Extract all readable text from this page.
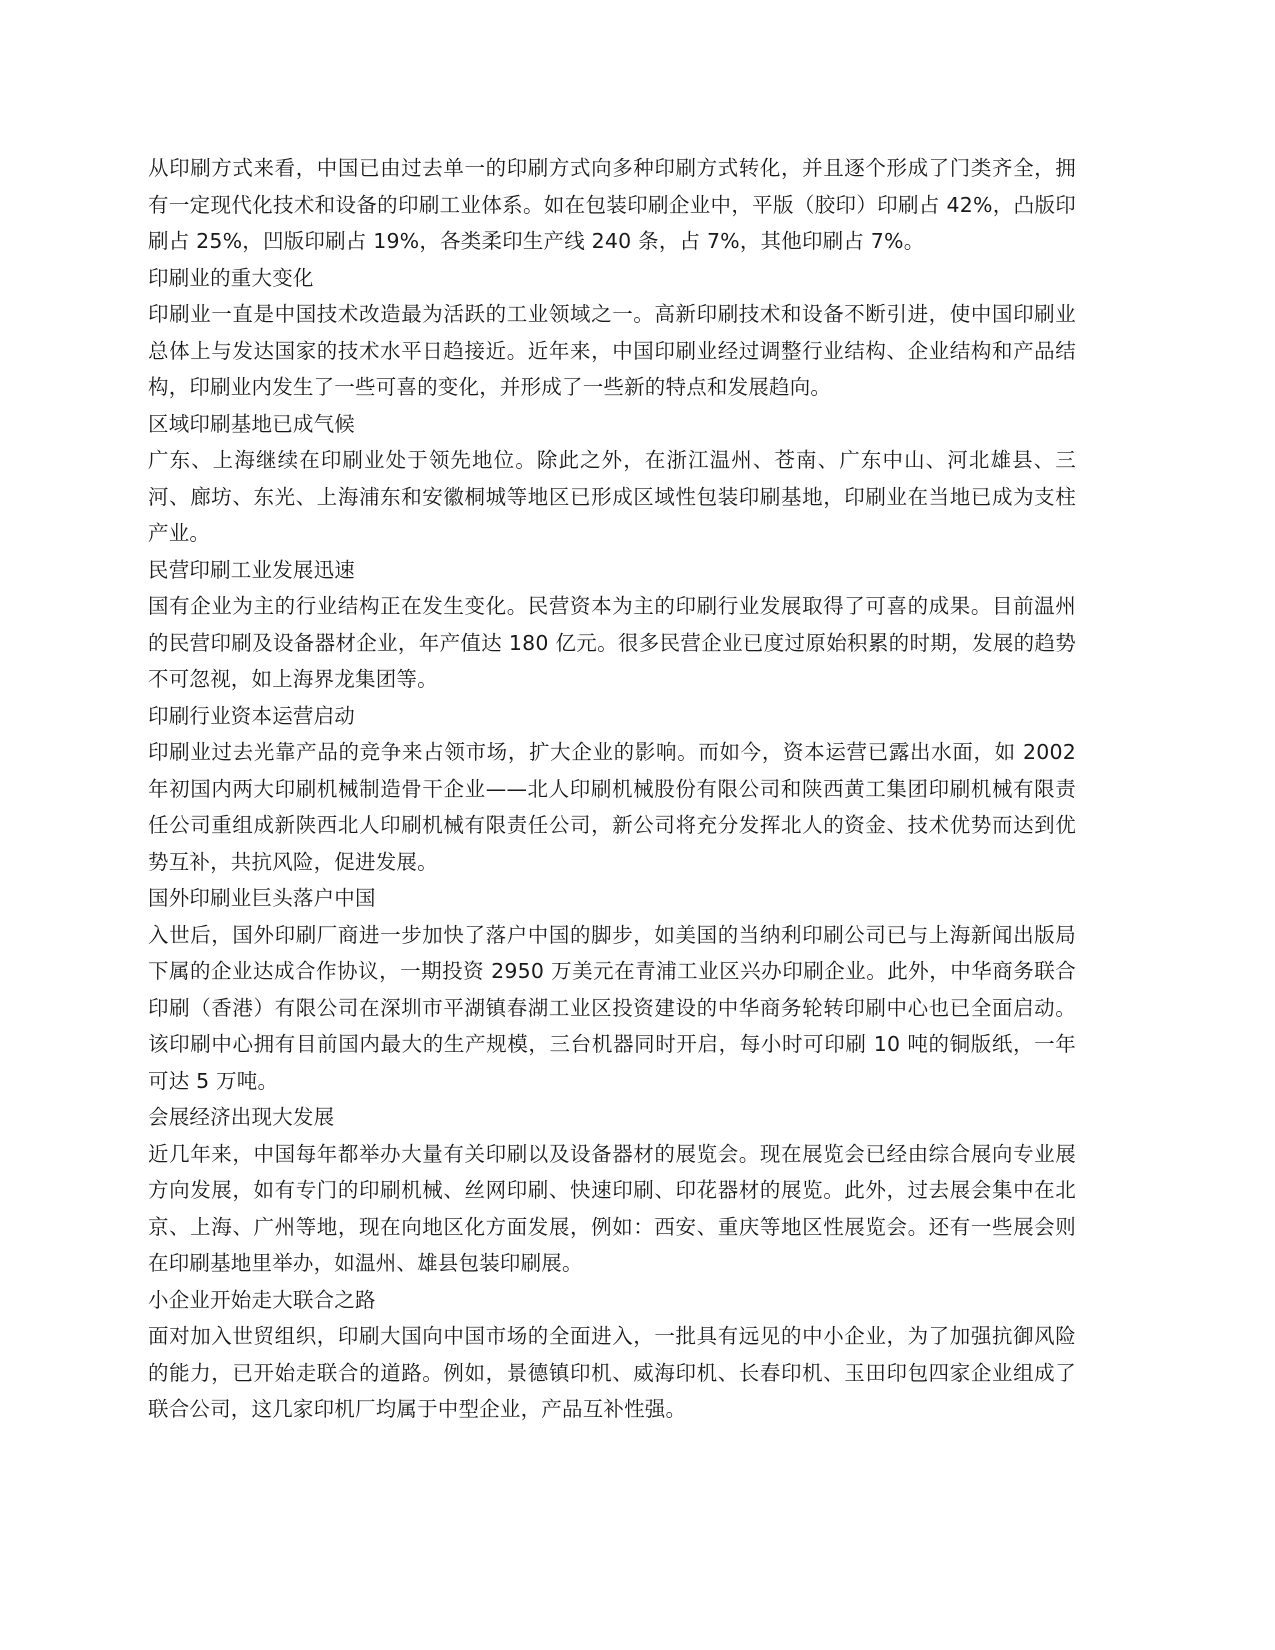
从印刷方式来看，中国已由过去单一的印刷方式向多种印刷方式转化，并且逐个形成了门类齐全，拥有一定现代化技术和设备的印刷工业体系。如在包装印刷企业中，平版（胶印）印刷占 42%，凸版印刷占 25%，凹版印刷占 19%，各类柔印生产线 240 条，占 7%，其他印刷占 7%。

印刷业的重大变化

印刷业一直是中国技术改造最为活跃的工业领域之一。高新印刷技术和设备不断引进，使中国印刷业总体上与发达国家的技术水平日趋接近。近年来，中国印刷业经过调整行业结构、企业结构和产品结构，印刷业内发生了一些可喜的变化，并形成了一些新的特点和发展趋向。

区域印刷基地已成气候

广东、上海继续在印刷业处于领先地位。除此之外，在浙江温州、苍南、广东中山、河北雄县、三河、廊坊、东光、上海浦东和安徽桐城等地区已形成区域性包装印刷基地，印刷业在当地已成为支柱产业。

民营印刷工业发展迅速

国有企业为主的行业结构正在发生变化。民营资本为主的印刷行业发展取得了可喜的成果。目前温州的民营印刷及设备器材企业，年产值达 180 亿元。很多民营企业已度过原始积累的时期，发展的趋势不可忽视，如上海界龙集团等。

印刷行业资本运营启动

印刷业过去光靠产品的竞争来占领市场，扩大企业的影响。而如今，资本运营已露出水面，如 2002 年初国内两大印刷机械制造骨干企业——北人印刷机械股份有限公司和陕西黄工集团印刷机械有限责任公司重组成新陕西北人印刷机械有限责任公司，新公司将充分发挥北人的资金、技术优势而达到优势互补，共抗风险，促进发展。

国外印刷业巨头落户中国

入世后，国外印刷厂商进一步加快了落户中国的脚步，如美国的当纳利印刷公司已与上海新闻出版局下属的企业达成合作协议，一期投资 2950 万美元在青浦工业区兴办印刷企业。此外，中华商务联合印刷（香港）有限公司在深圳市平湖镇春湖工业区投资建设的中华商务轮转印刷中心也已全面启动。该印刷中心拥有目前国内最大的生产规模，三台机器同时开启，每小时可印刷 10 吨的铜版纸，一年可达 5 万吨。

会展经济出现大发展

近几年来，中国每年都举办大量有关印刷以及设备器材的展览会。现在展览会已经由综合展向专业展方向发展，如有专门的印刷机械、丝网印刷、快速印刷、印花器材的展览。此外，过去展会集中在北京、上海、广州等地，现在向地区化方面发展，例如：西安、重庆等地区性展览会。还有一些展会则在印刷基地里举办，如温州、雄县包装印刷展。

小企业开始走大联合之路

面对加入世贸组织，印刷大国向中国市场的全面进入，一批具有远见的中小企业，为了加强抗御风险的能力，已开始走联合的道路。例如，景德镇印机、威海印机、长春印机、玉田印包四家企业组成了联合公司，这几家印机厂均属于中型企业，产品互补性强。
